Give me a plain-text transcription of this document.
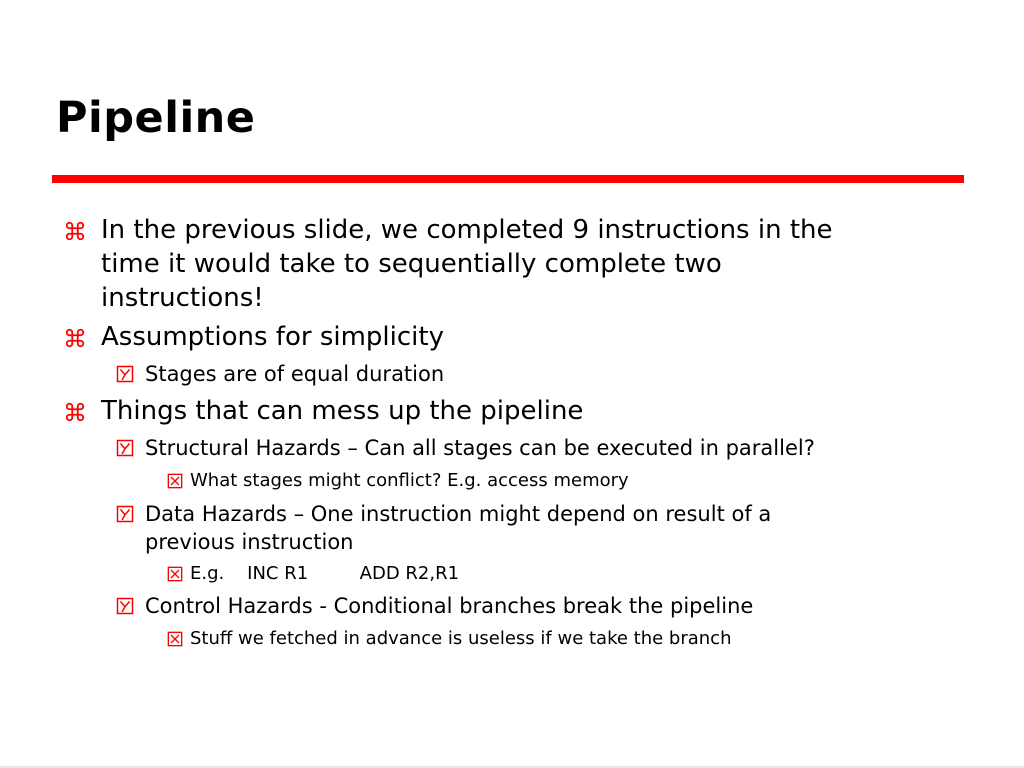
Pipeline
In the previous slide, we completed 9 instructions in the
time it would take to sequentially complete two
instructions!
Assumptions for simplicity
Stages are of equal duration
Things that can mess up the pipeline
Structural Hazards – Can all stages can be executed in parallel?
What stages might conflict? E.g. access memory
Data Hazards – One instruction might depend on result of a
previous instruction
E.g.    INC R1         ADD R2,R1
Control Hazards - Conditional branches break the pipeline
Stuff we fetched in advance is useless if we take the branch
